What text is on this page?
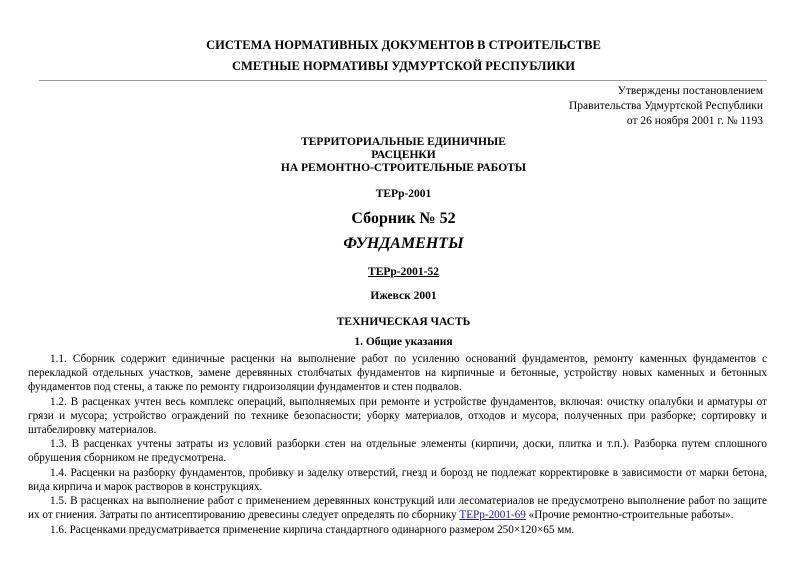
СИСТЕМА НОРМАТИВНЫХ ДОКУМЕНТОВ В СТРОИТЕЛЬСТВЕ
СМЕТНЫЕ НОРМАТИВЫ УДМУРТСКОЙ РЕСПУБЛИКИ
Утверждены постановлением
Правительства Удмуртской Республики
от 26 ноября 2001 г. № 1193
ТЕРРИТОРИАЛЬНЫЕ ЕДИНИЧНЫЕ
РАСЦЕНКИ
НА РЕМОНТНО-СТРОИТЕЛЬНЫЕ РАБОТЫ
ТЕРр-2001
Сборник № 52
ФУНДАМЕНТЫ
ТЕРр-2001-52
Ижевск 2001
ТЕХНИЧЕСКАЯ ЧАСТЬ
1. Общие указания

1.1. Сборник содержит единичные расценки на выполнение работ по усилению оснований фундаментов, ремонту каменных фундаментов с перекладкой отдельных участков, замене деревянных столбчатых фундаментов на кирпичные и бетонные, устройству новых каменных и бетонных фундаментов под стены, а также по ремонту гидроизоляции фундаментов и стен подвалов.

1.2. В расценках учтен весь комплекс операций, выполняемых при ремонте и устройстве фундаментов, включая: очистку опалубки и арматуры от грязи и мусора; устройство ограждений по технике безопасности; уборку материалов, отходов и мусора, полученных при разборке; сортировку и штабелировку материалов.

1.3. В расценках учтены затраты из условий разборки стен на отдельные элементы (кирпичи, доски, плитка и т.п.). Разборка путем сплошного обрушения сборником не предусмотрена.

1.4. Расценки на разборку фундаментов, пробивку и заделку отверстий, гнезд и борозд не подлежат корректировке в зависимости от марки бетона, вида кирпича и марок растворов в конструкциях.

1.5. В расценках на выполнение работ с применением деревянных конструкций или лесоматериалов не предусмотрено выполнение работ по защите их от гниения. Затраты по антисептированию древесины следует определять по сборнику ТЕРр-2001-69 «Прочие ремонтно-строительные работы».

1.6. Расценками предусматривается применение кирпича стандартного одинарного размером 250×120×65 мм.
